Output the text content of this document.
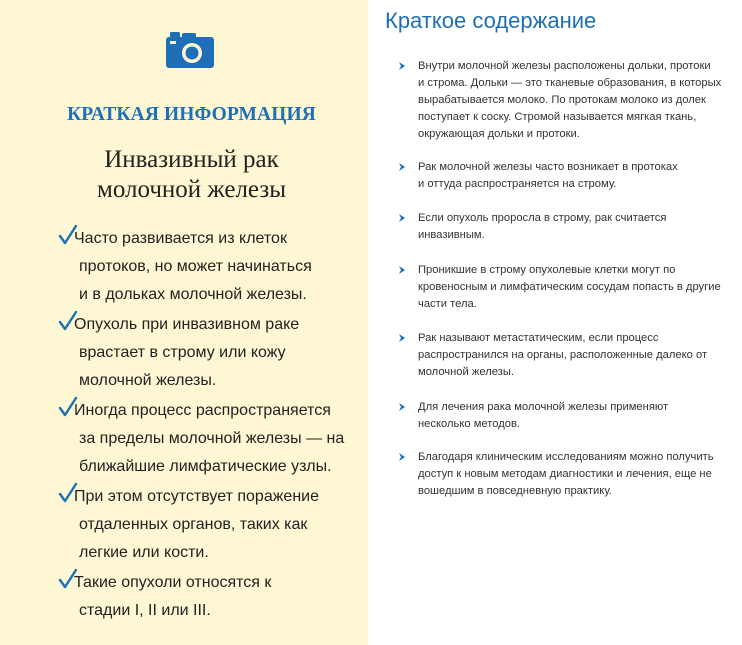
КРАТКАЯ ИНФОРМАЦИЯ
Инвазивный рак
молочной железы
Часто развивается из клеток
протоков, но может начинаться
и в дольках молочной железы.
Опухоль при инвазивном раке
врастает в строму или кожу
молочной железы.
Иногда процесс распространяется
за пределы молочной железы — на
ближайшие лимфатические узлы.
При этом отсутствует поражение
отдаленных органов, таких как
легкие или кости.
Такие опухоли относятся к
стадии I, II или III.
Краткое содержание
Внутри молочной железы расположены дольки, протоки
и строма. Дольки — это тканевые образования, в которых
вырабатывается молоко. По протокам молоко из долек
поступает к соску. Стромой называется мягкая ткань,
окружающая дольки и протоки.
Рак молочной железы часто возникает в протоках
и оттуда распространяется на строму.
Если опухоль проросла в строму, рак считается
инвазивным.
Проникшие в строму опухолевые клетки могут по
кровеносным и лимфатическим сосудам попасть в другие
части тела.
Рак называют метастатическим, если процесс
распространился на органы, расположенные далеко от
молочной железы.
Для лечения рака молочной железы применяют
несколько методов.
Благодаря клиническим исследованиям можно получить
доступ к новым методам диагностики и лечения, еще не
вошедшим в повседневную практику.
